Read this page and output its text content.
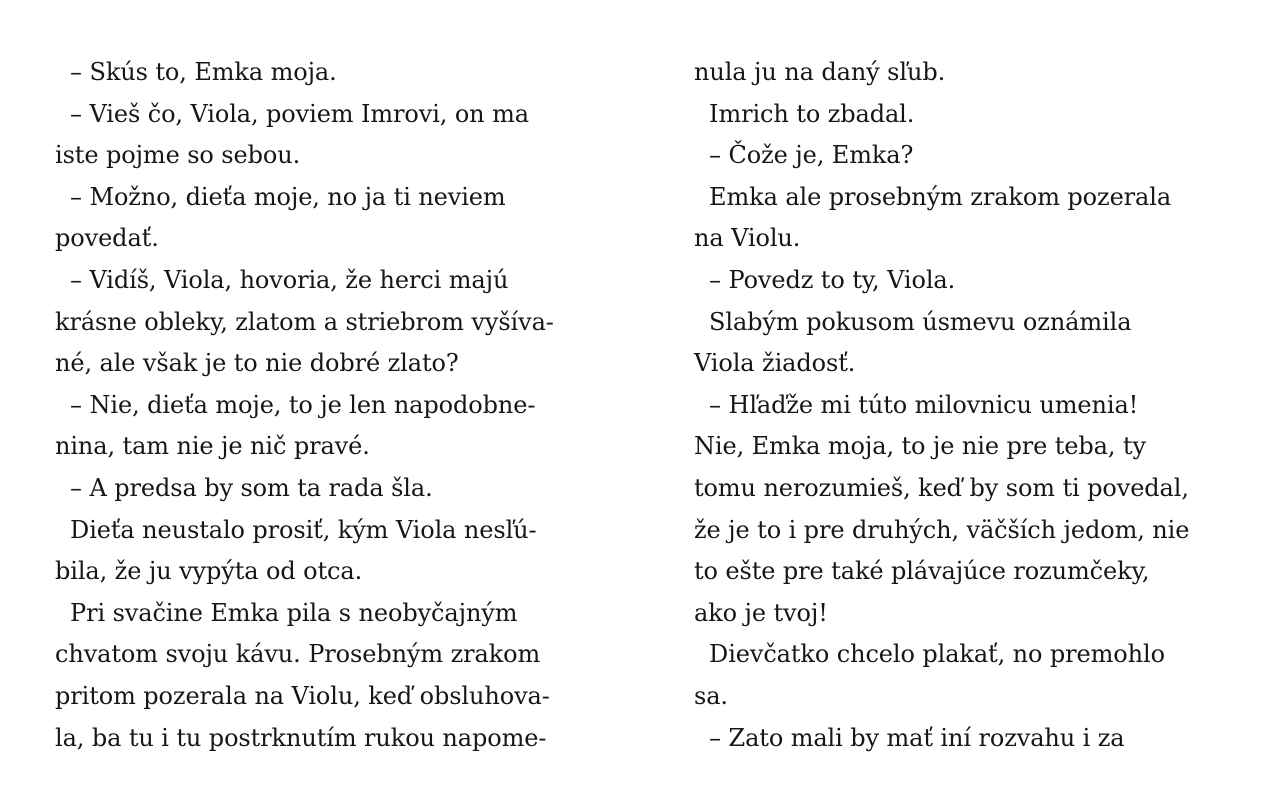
– Skús to, Emka moja.
– Vieš čo, Viola, poviem Imrovi, on ma
iste pojme so sebou.
– Možno, dieťa moje, no ja ti neviem
povedať.
– Vidíš, Viola, hovoria, že herci majú
krásne obleky, zlatom a striebrom vyšíva-
né, ale však je to nie dobré zlato?
– Nie, dieťa moje, to je len napodobne-
nina, tam nie je nič pravé.
– A predsa by som ta rada šla.
Dieťa neustalo prosiť, kým Viola nesľú-
bila, že ju vypýta od otca.
Pri svačine Emka pila s neobyčajným
chvatom svoju kávu. Prosebným zrakom
pritom pozerala na Violu, keď obsluhova-
la, ba tu i tu postrknutím rukou napome-
nula ju na daný sľub.
Imrich to zbadal.
– Čože je, Emka?
Emka ale prosebným zrakom pozerala
na Violu.
– Povedz to ty, Viola.
Slabým pokusom úsmevu oznámila
Viola žiadosť.
– Hľaďže mi túto milovnicu umenia!
Nie, Emka moja, to je nie pre teba, ty
tomu nerozumieš, keď by som ti povedal,
že je to i pre druhých, väčších jedom, nie
to ešte pre také plávajúce rozumčeky,
ako je tvoj!
Dievčatko chcelo plakať, no premohlo
sa.
– Zato mali by mať iní rozvahu i za
